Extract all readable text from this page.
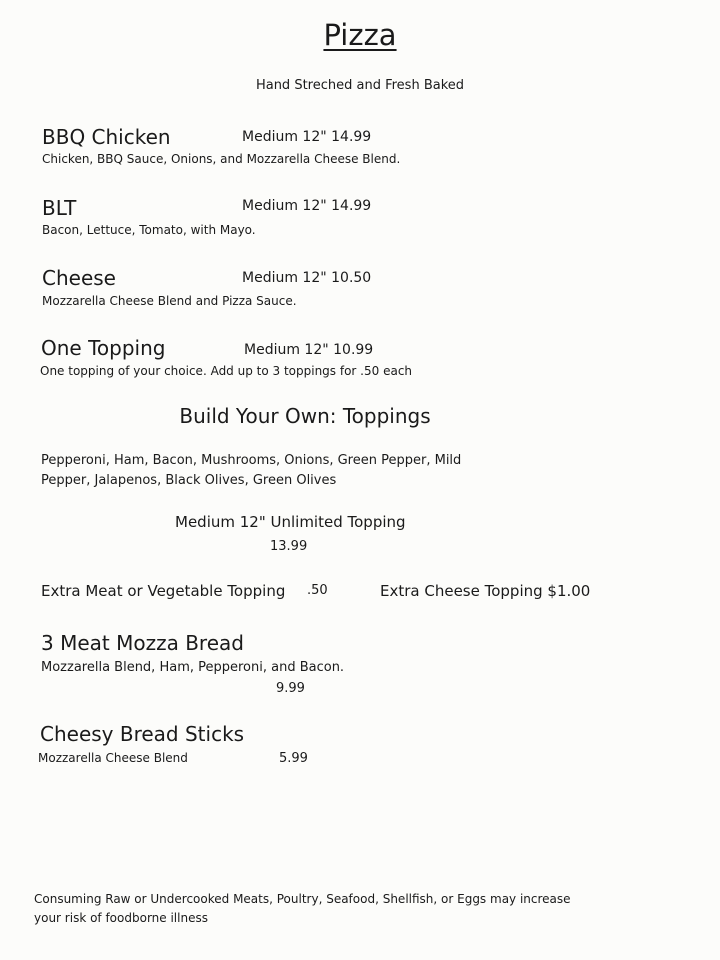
Pizza
Hand Streched and Fresh Baked
BBQ Chicken	Medium 12" 14.99
Chicken, BBQ Sauce, Onions, and Mozzarella Cheese Blend.
BLT	Medium 12" 14.99
Bacon, Lettuce, Tomato, with Mayo.
Cheese	Medium 12" 10.50
Mozzarella Cheese Blend and Pizza Sauce.
One Topping	Medium 12" 10.99
One topping of your choice. Add up to 3 toppings for .50 each
Build Your Own: Toppings
Pepperoni, Ham, Bacon, Mushrooms, Onions, Green Pepper, Mild
Pepper, Jalapenos, Black Olives, Green Olives
Medium 12" Unlimited Topping
13.99
Extra Meat or Vegetable Topping .50	Extra Cheese Topping $1.00
3 Meat Mozza Bread
Mozzarella Blend, Ham, Pepperoni, and Bacon.
9.99
Cheesy Bread Sticks
Mozzarella Cheese Blend	5.99
Consuming Raw or Undercooked Meats, Poultry, Seafood, Shellfish, or Eggs may increase
your risk of foodborne illness
